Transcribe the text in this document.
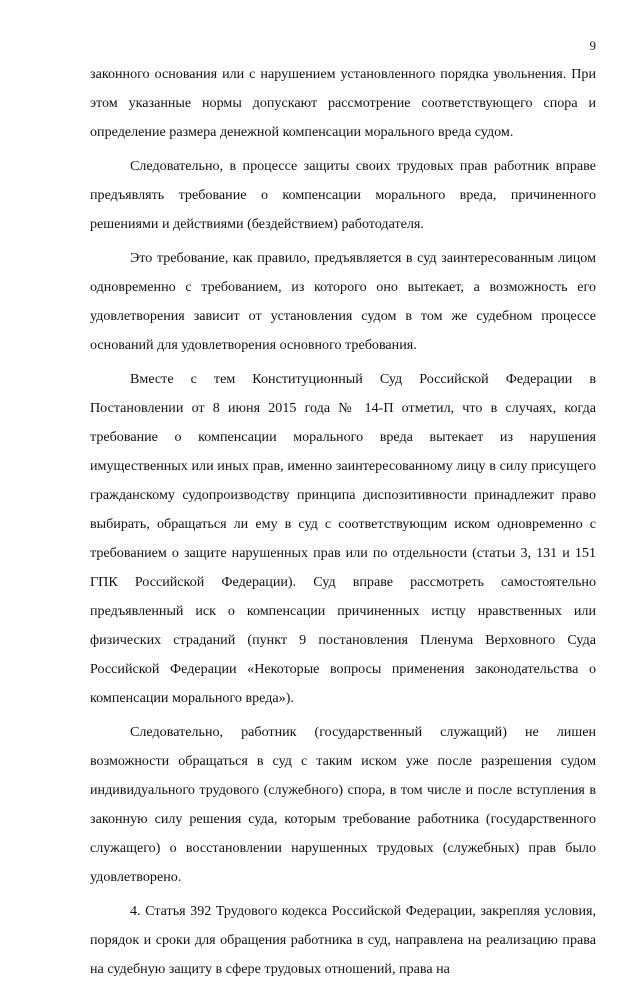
9

законного основания или с нарушением установленного порядка увольнения. При этом указанные нормы допускают рассмотрение соответствующего спора и определение размера денежной компенсации морального вреда судом.

Следовательно, в процессе защиты своих трудовых прав работник вправе предъявлять требование о компенсации морального вреда, причиненного решениями и действиями (бездействием) работодателя.

Это требование, как правило, предъявляется в суд заинтересованным лицом одновременно с требованием, из которого оно вытекает, а возможность его удовлетворения зависит от установления судом в том же судебном процессе оснований для удовлетворения основного требования.

Вместе с тем Конституционный Суд Российской Федерации в Постановлении от 8 июня 2015 года № 14-П отметил, что в случаях, когда требование о компенсации морального вреда вытекает из нарушения имущественных или иных прав, именно заинтересованному лицу в силу присущего гражданскому судопроизводству принципа диспозитивности принадлежит право выбирать, обращаться ли ему в суд с соответствующим иском одновременно с требованием о защите нарушенных прав или по отдельности (статьи 3, 131 и 151 ГПК Российской Федерации). Суд вправе рассмотреть самостоятельно предъявленный иск о компенсации причиненных истцу нравственных или физических страданий (пункт 9 постановления Пленума Верховного Суда Российской Федерации «Некоторые вопросы применения законодательства о компенсации морального вреда»).

Следовательно, работник (государственный служащий) не лишен возможности обращаться в суд с таким иском уже после разрешения судом индивидуального трудового (служебного) спора, в том числе и после вступления в законную силу решения суда, которым требование работника (государственного служащего) о восстановлении нарушенных трудовых (служебных) прав было удовлетворено.

4. Статья 392 Трудового кодекса Российской Федерации, закрепляя условия, порядок и сроки для обращения работника в суд, направлена на реализацию права на судебную защиту в сфере трудовых отношений, права на
